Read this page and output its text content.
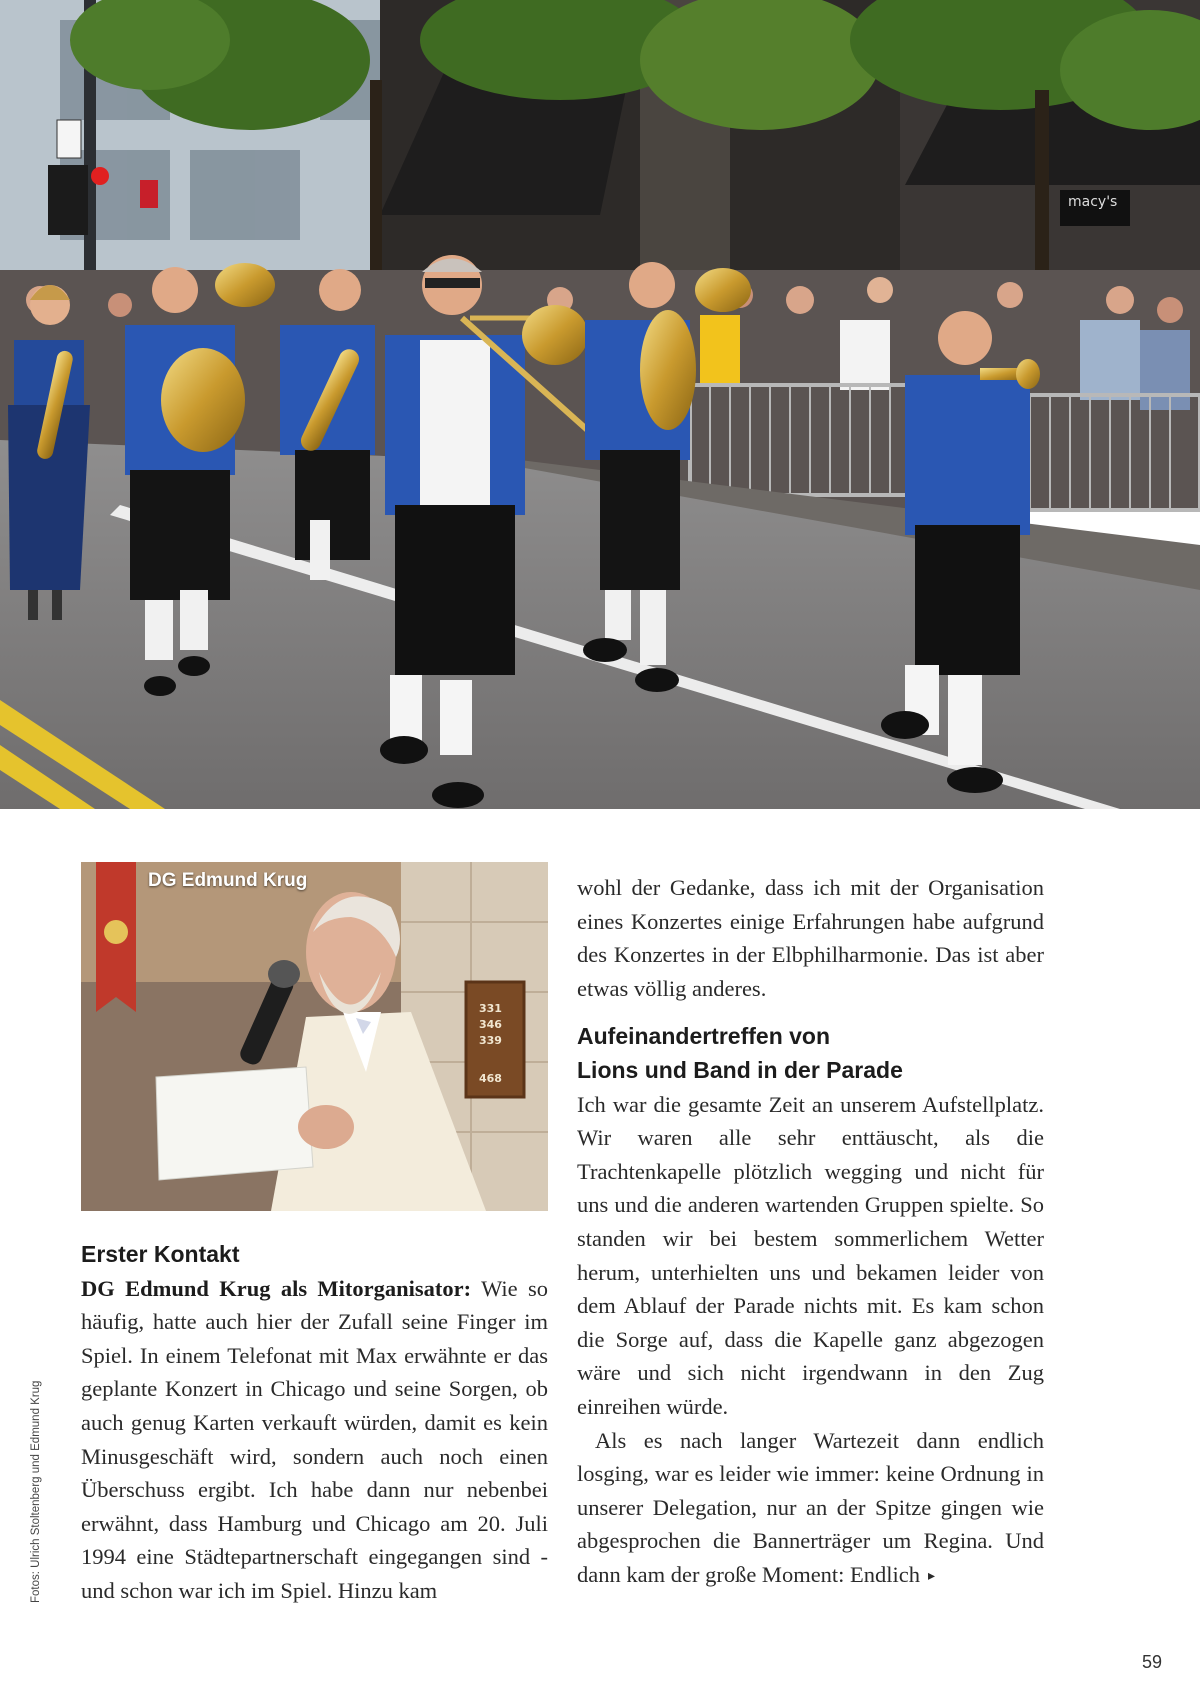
macy's
331
346
339
468
DG Edmund Krug
Erster Kontakt

DG Edmund Krug als Mitorganisator: Wie so häufig, hatte auch hier der Zufall seine Finger im Spiel. In einem Telefonat mit Max erwähnte er das geplante Konzert in Chicago und seine Sorgen, ob auch genug Karten verkauft würden, damit es kein Minusgeschäft wird, sondern auch noch einen Überschuss ergibt. Ich habe dann nur nebenbei erwähnt, dass Hamburg und Chicago am 20. Juli 1994 eine Städtepartnerschaft eingegangen sind - und schon war ich im Spiel. Hinzu kam

wohl der Gedanke, dass ich mit der Organisation eines Konzertes einige Erfahrungen habe aufgrund des Konzertes in der Elbphilharmonie. Das ist aber etwas völlig anderes.

Aufeinandertreffen von
Lions und Band in der Parade

Ich war die gesamte Zeit an unserem Aufstellplatz. Wir waren alle sehr enttäuscht, als die Trachtenkapelle plötzlich wegging und nicht für uns und die anderen wartenden Gruppen spielte. So standen wir bei bestem sommerlichem Wetter herum, unterhielten uns und bekamen leider von dem Ablauf der Parade nichts mit. Es kam schon die Sorge auf, dass die Kapelle ganz abgezogen wäre und sich nicht irgendwann in den Zug einreihen würde.

Als es nach langer Wartezeit dann endlich losging, war es leider wie immer: keine Ordnung in unserer Delegation, nur an der Spitze gingen wie abgesprochen die Bannerträger um Regina. Und dann kam der große Moment: Endlich ▸

Fotos: Ulrich Stoltenberg und Edmund Krug
59
